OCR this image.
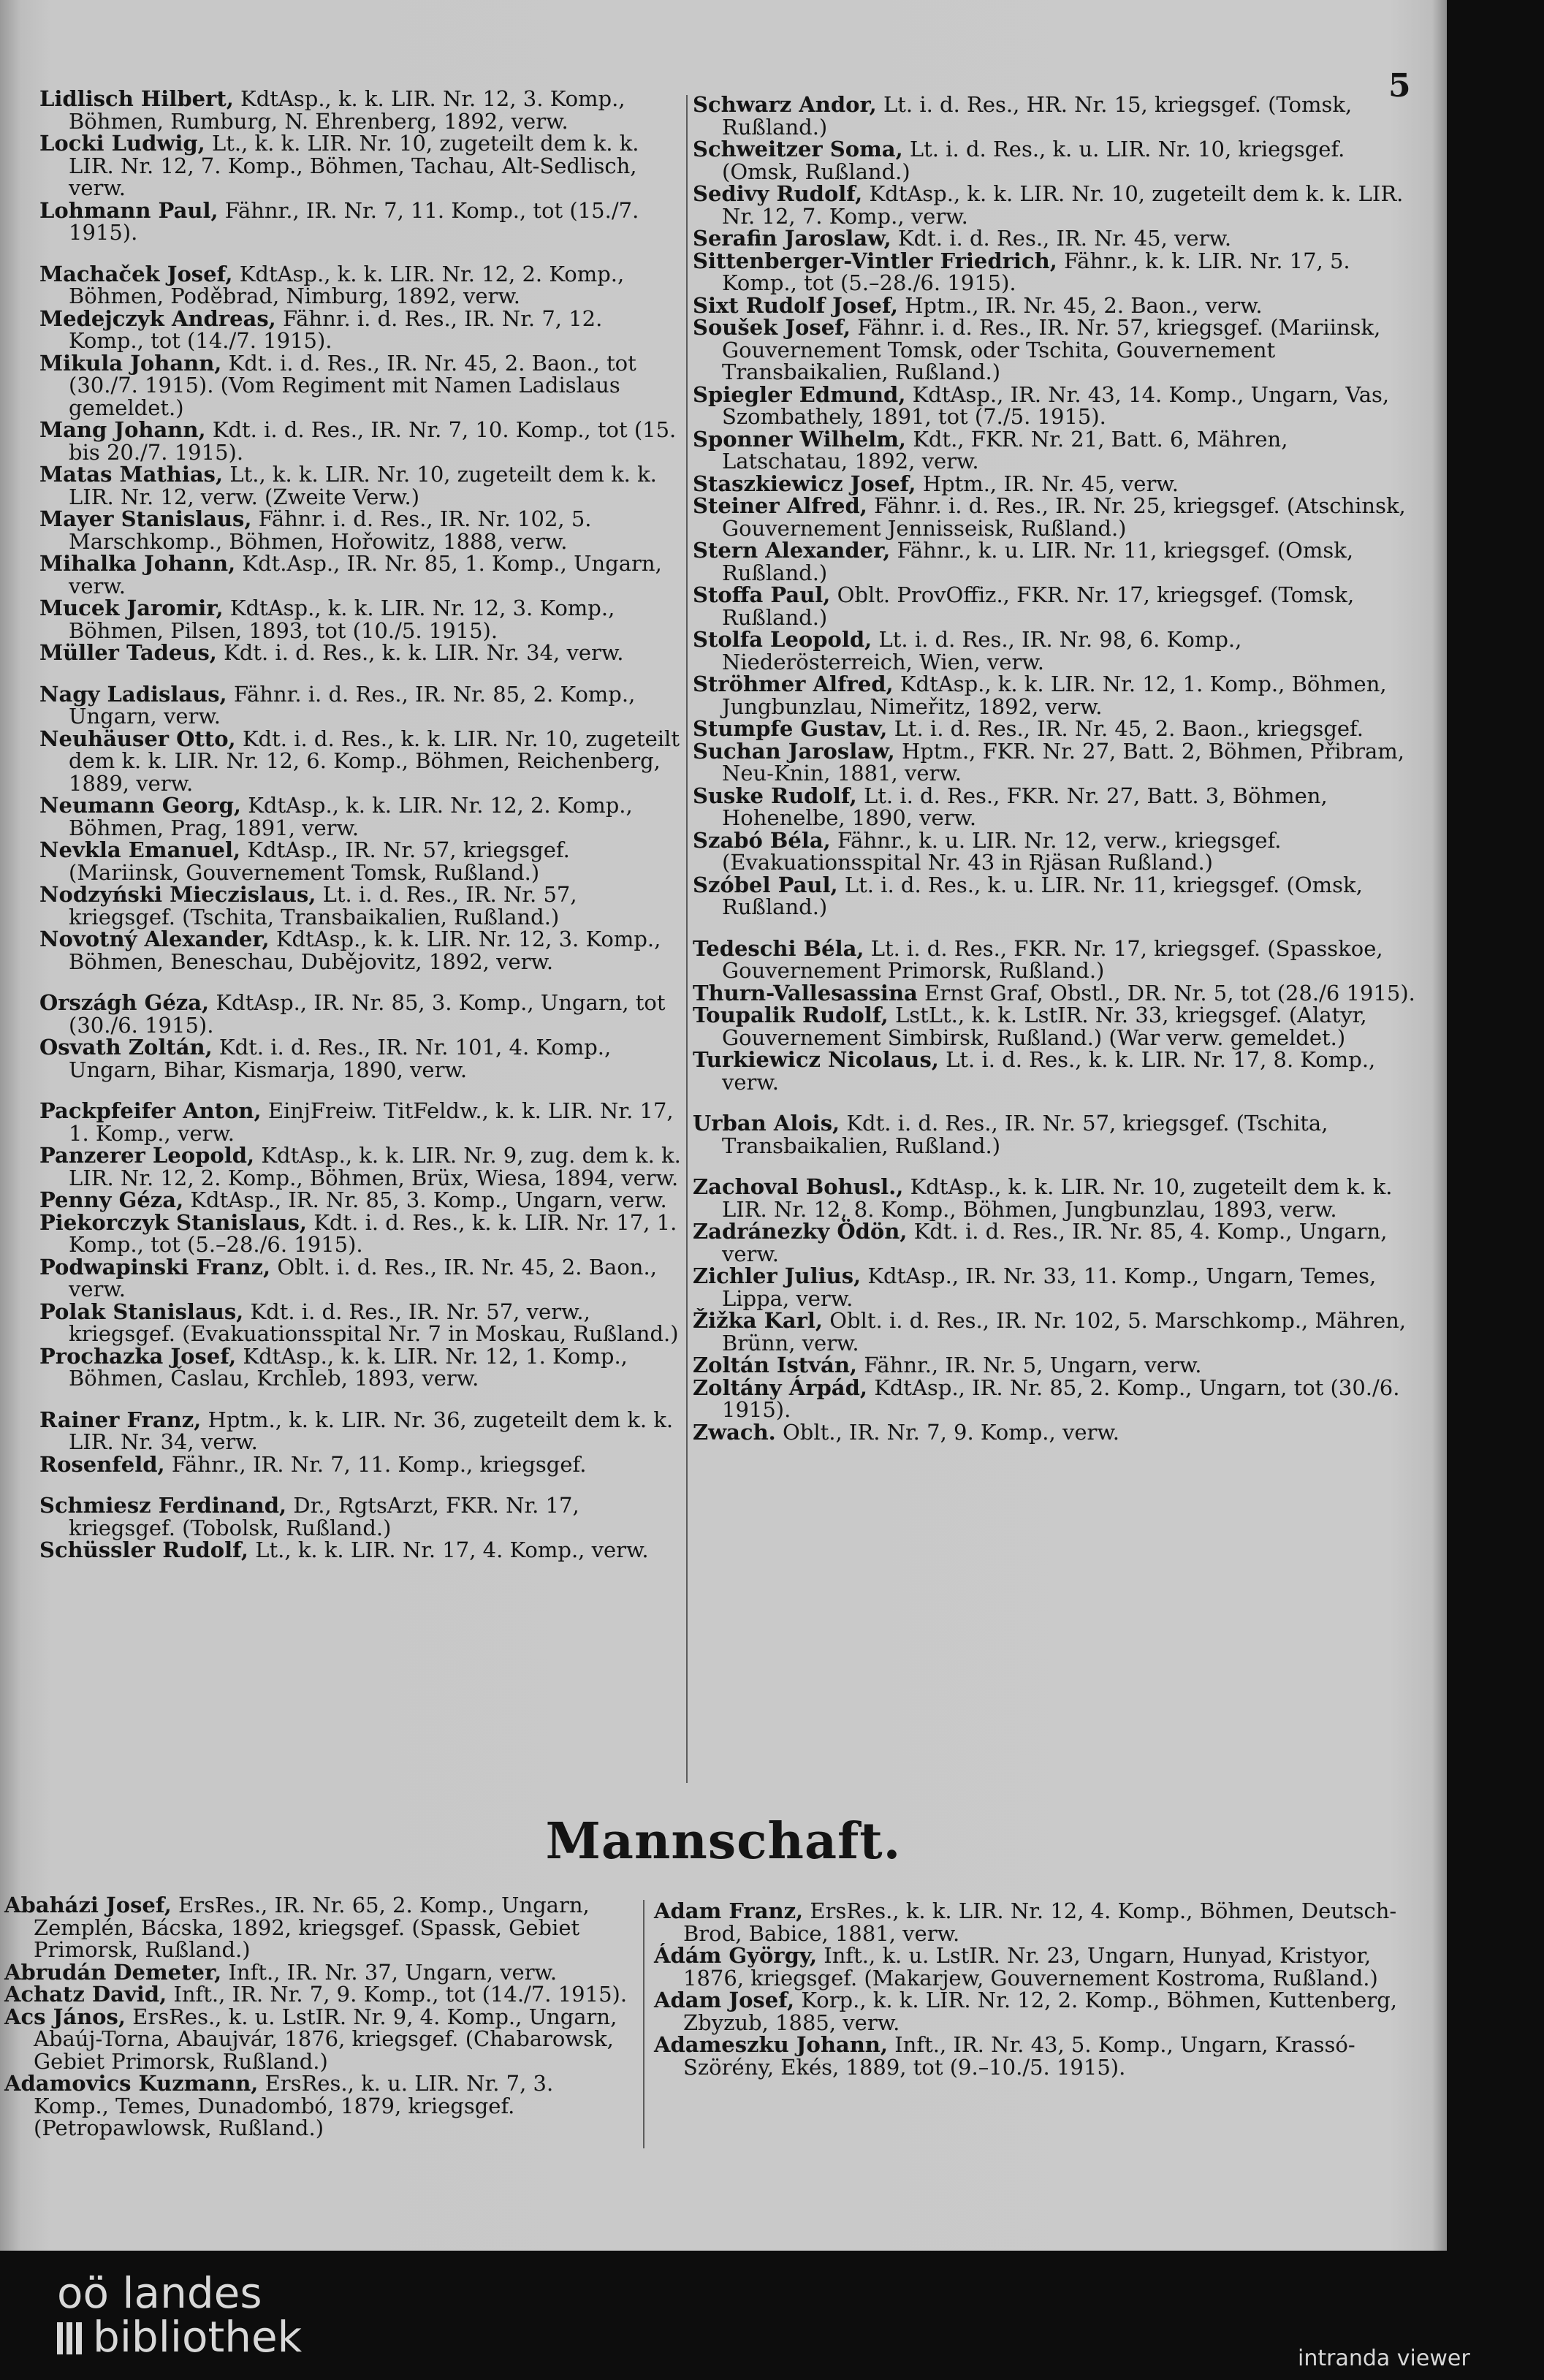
5

Lidlisch Hilbert, KdtAsp., k. k. LIR. Nr. 12, 3. Komp., Böhmen, Rumburg, N. Ehrenberg, 1892, verw.

Locki Ludwig, Lt., k. k. LIR. Nr. 10, zugeteilt dem k. k. LIR. Nr. 12, 7. Komp., Böhmen, Tachau, Alt-Sedlisch, verw.

Lohmann Paul, Fähnr., IR. Nr. 7, 11. Komp., tot (15./7. 1915).

Machaček Josef, KdtAsp., k. k. LIR. Nr. 12, 2. Komp., Böhmen, Poděbrad, Nimburg, 1892, verw.

Medejczyk Andreas, Fähnr. i. d. Res., IR. Nr. 7, 12. Komp., tot (14./7. 1915).

Mikula Johann, Kdt. i. d. Res., IR. Nr. 45, 2. Baon., tot (30./7. 1915). (Vom Regiment mit Namen Ladislaus gemeldet.)

Mang Johann, Kdt. i. d. Res., IR. Nr. 7, 10. Komp., tot (15. bis 20./7. 1915).

Matas Mathias, Lt., k. k. LIR. Nr. 10, zugeteilt dem k. k. LIR. Nr. 12, verw. (Zweite Verw.)

Mayer Stanislaus, Fähnr. i. d. Res., IR. Nr. 102, 5. Marschkomp., Böhmen, Hořowitz, 1888, verw.

Mihalka Johann, Kdt.Asp., IR. Nr. 85, 1. Komp., Ungarn, verw.

Mucek Jaromir, KdtAsp., k. k. LIR. Nr. 12, 3. Komp., Böhmen, Pilsen, 1893, tot (10./5. 1915).

Müller Tadeus, Kdt. i. d. Res., k. k. LIR. Nr. 34, verw.

Nagy Ladislaus, Fähnr. i. d. Res., IR. Nr. 85, 2. Komp., Ungarn, verw.

Neuhäuser Otto, Kdt. i. d. Res., k. k. LIR. Nr. 10, zugeteilt dem k. k. LIR. Nr. 12, 6. Komp., Böhmen, Reichenberg, 1889, verw.

Neumann Georg, KdtAsp., k. k. LIR. Nr. 12, 2. Komp., Böhmen, Prag, 1891, verw.

Nevkla Emanuel, KdtAsp., IR. Nr. 57, kriegsgef. (Mariinsk, Gouvernement Tomsk, Rußland.)

Nodzyński Mieczislaus, Lt. i. d. Res., IR. Nr. 57, kriegsgef. (Tschita, Transbaikalien, Rußland.)

Novotný Alexander, KdtAsp., k. k. LIR. Nr. 12, 3. Komp., Böhmen, Beneschau, Dubějovitz, 1892, verw.

Országh Géza, KdtAsp., IR. Nr. 85, 3. Komp., Ungarn, tot (30./6. 1915).

Osvath Zoltán, Kdt. i. d. Res., IR. Nr. 101, 4. Komp., Ungarn, Bihar, Kismarja, 1890, verw.

Packpfeifer Anton, EinjFreiw. TitFeldw., k. k. LIR. Nr. 17, 1. Komp., verw.

Panzerer Leopold, KdtAsp., k. k. LIR. Nr. 9, zug. dem k. k. LIR. Nr. 12, 2. Komp., Böhmen, Brüx, Wiesa, 1894, verw.

Penny Géza, KdtAsp., IR. Nr. 85, 3. Komp., Ungarn, verw.

Piekorczyk Stanislaus, Kdt. i. d. Res., k. k. LIR. Nr. 17, 1. Komp., tot (5.–28./6. 1915).

Podwapinski Franz, Oblt. i. d. Res., IR. Nr. 45, 2. Baon., verw.

Polak Stanislaus, Kdt. i. d. Res., IR. Nr. 57, verw., kriegsgef. (Evakuationsspital Nr. 7 in Moskau, Rußland.)

Prochazka Josef, KdtAsp., k. k. LIR. Nr. 12, 1. Komp., Böhmen, Časlau, Krchleb, 1893, verw.

Rainer Franz, Hptm., k. k. LIR. Nr. 36, zugeteilt dem k. k. LIR. Nr. 34, verw.

Rosenfeld, Fähnr., IR. Nr. 7, 11. Komp., kriegsgef.

Schmiesz Ferdinand, Dr., RgtsArzt, FKR. Nr. 17, kriegsgef. (Tobolsk, Rußland.)

Schüssler Rudolf, Lt., k. k. LIR. Nr. 17, 4. Komp., verw.

Schwarz Andor, Lt. i. d. Res., HR. Nr. 15, kriegsgef. (Tomsk, Rußland.)

Schweitzer Soma, Lt. i. d. Res., k. u. LIR. Nr. 10, kriegsgef. (Omsk, Rußland.)

Sedivy Rudolf, KdtAsp., k. k. LIR. Nr. 10, zugeteilt dem k. k. LIR. Nr. 12, 7. Komp., verw.

Serafin Jaroslaw, Kdt. i. d. Res., IR. Nr. 45, verw.

Sittenberger-Vintler Friedrich, Fähnr., k. k. LIR. Nr. 17, 5. Komp., tot (5.–28./6. 1915).

Sixt Rudolf Josef, Hptm., IR. Nr. 45, 2. Baon., verw.

Soušek Josef, Fähnr. i. d. Res., IR. Nr. 57, kriegsgef. (Mariinsk, Gouvernement Tomsk, oder Tschita, Gouvernement Transbaikalien, Rußland.)

Spiegler Edmund, KdtAsp., IR. Nr. 43, 14. Komp., Ungarn, Vas, Szombathely, 1891, tot (7./5. 1915).

Sponner Wilhelm, Kdt., FKR. Nr. 21, Batt. 6, Mähren, Latschatau, 1892, verw.

Staszkiewicz Josef, Hptm., IR. Nr. 45, verw.

Steiner Alfred, Fähnr. i. d. Res., IR. Nr. 25, kriegsgef. (Atschinsk, Gouvernement Jennisseisk, Rußland.)

Stern Alexander, Fähnr., k. u. LIR. Nr. 11, kriegsgef. (Omsk, Rußland.)

Stoffa Paul, Oblt. ProvOffiz., FKR. Nr. 17, kriegsgef. (Tomsk, Rußland.)

Stolfa Leopold, Lt. i. d. Res., IR. Nr. 98, 6. Komp., Niederösterreich, Wien, verw.

Ströhmer Alfred, KdtAsp., k. k. LIR. Nr. 12, 1. Komp., Böhmen, Jungbunzlau, Nimeřitz, 1892, verw.

Stumpfe Gustav, Lt. i. d. Res., IR. Nr. 45, 2. Baon., kriegsgef.

Suchan Jaroslaw, Hptm., FKR. Nr. 27, Batt. 2, Böhmen, Přibram, Neu-Knin, 1881, verw.

Suske Rudolf, Lt. i. d. Res., FKR. Nr. 27, Batt. 3, Böhmen, Hohenelbe, 1890, verw.

Szabó Béla, Fähnr., k. u. LIR. Nr. 12, verw., kriegsgef. (Evakuationsspital Nr. 43 in Rjäsan Rußland.)

Szóbel Paul, Lt. i. d. Res., k. u. LIR. Nr. 11, kriegsgef. (Omsk, Rußland.)

Tedeschi Béla, Lt. i. d. Res., FKR. Nr. 17, kriegsgef. (Spasskoe, Gouvernement Primorsk, Rußland.)

Thurn-Vallesassina Ernst Graf, Obstl., DR. Nr. 5, tot (28./6 1915).

Toupalik Rudolf, LstLt., k. k. LstIR. Nr. 33, kriegsgef. (Alatyr, Gouvernement Simbirsk, Rußland.) (War verw. gemeldet.)

Turkiewicz Nicolaus, Lt. i. d. Res., k. k. LIR. Nr. 17, 8. Komp., verw.

Urban Alois, Kdt. i. d. Res., IR. Nr. 57, kriegsgef. (Tschita, Transbaikalien, Rußland.)

Zachoval Bohusl., KdtAsp., k. k. LIR. Nr. 10, zugeteilt dem k. k. LIR. Nr. 12, 8. Komp., Böhmen, Jungbunzlau, 1893, verw.

Zadránezky Ödön, Kdt. i. d. Res., IR. Nr. 85, 4. Komp., Ungarn, verw.

Zichler Julius, KdtAsp., IR. Nr. 33, 11. Komp., Ungarn, Temes, Lippa, verw.

Žižka Karl, Oblt. i. d. Res., IR. Nr. 102, 5. Marschkomp., Mähren, Brünn, verw.

Zoltán István, Fähnr., IR. Nr. 5, Ungarn, verw.

Zoltány Árpád, KdtAsp., IR. Nr. 85, 2. Komp., Ungarn, tot (30./6. 1915).

Zwach. Oblt., IR. Nr. 7, 9. Komp., verw.

Mannschaft.

Abaházi Josef, ErsRes., IR. Nr. 65, 2. Komp., Ungarn, Zemplén, Bácska, 1892, kriegsgef. (Spassk, Gebiet Primorsk, Rußland.)

Abrudán Demeter, Inft., IR. Nr. 37, Ungarn, verw.

Achatz David, Inft., IR. Nr. 7, 9. Komp., tot (14./7. 1915).

Acs János, ErsRes., k. u. LstIR. Nr. 9, 4. Komp., Ungarn, Abaúj-Torna, Abaujvár, 1876, kriegsgef. (Chabarowsk, Gebiet Primorsk, Rußland.)

Adamovics Kuzmann, ErsRes., k. u. LIR. Nr. 7, 3. Komp., Temes, Dunadombó, 1879, kriegsgef. (Petropawlowsk, Rußland.)

Adam Franz, ErsRes., k. k. LIR. Nr. 12, 4. Komp., Böhmen, Deutsch-Brod, Babice, 1881, verw.

Ádám György, Inft., k. u. LstIR. Nr. 23, Ungarn, Hunyad, Kristyor, 1876, kriegsgef. (Makarjew, Gouvernement Kostroma, Rußland.)

Adam Josef, Korp., k. k. LIR. Nr. 12, 2. Komp., Böhmen, Kuttenberg, Zbyzub, 1885, verw.

Adameszku Johann, Inft., IR. Nr. 43, 5. Komp., Ungarn, Krassó-Szörény, Ekés, 1889, tot (9.–10./5. 1915).

oö landes
bibliothek	intranda viewer
